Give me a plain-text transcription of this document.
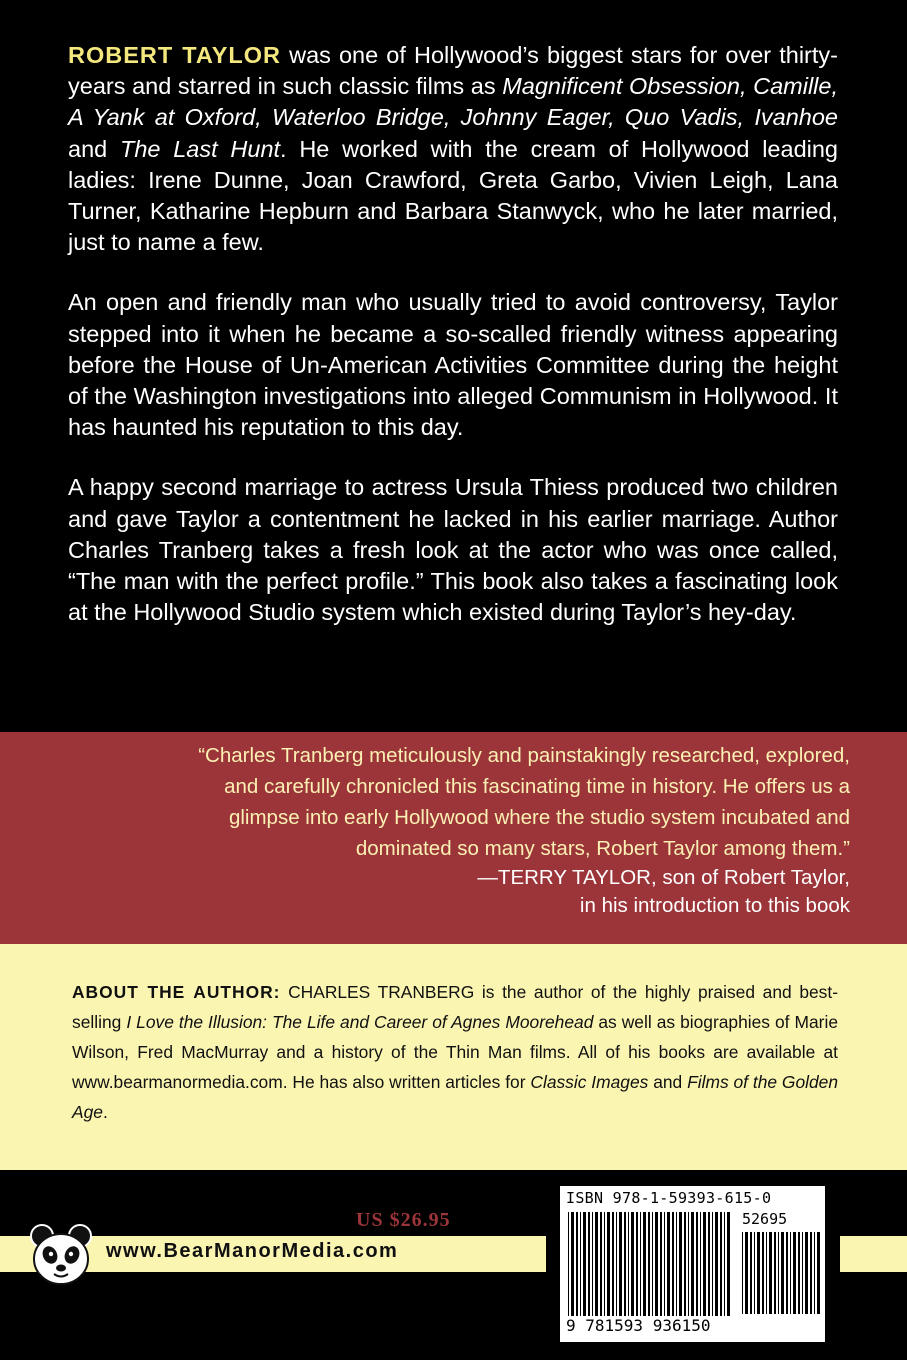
ROBERT TAYLOR was one of Hollywood’s biggest stars for over thirty-years and starred in such classic films as Magnificent Obsession, Camille, A Yank at Oxford, Waterloo Bridge, Johnny Eager, Quo Vadis, Ivanhoe and The Last Hunt. He worked with the cream of Hollywood leading ladies: Irene Dunne, Joan Crawford, Greta Garbo, Vivien Leigh, Lana Turner, Katharine Hepburn and Barbara Stanwyck, who he later married, just to name a few.

An open and friendly man who usually tried to avoid controversy, Taylor stepped into it when he became a so-scalled friendly witness appearing before the House of Un-American Activities Committee during the height of the Washington investigations into alleged Communism in Hollywood. It has haunted his reputation to this day.

A happy second marriage to actress Ursula Thiess produced two children and gave Taylor a contentment he lacked in his earlier marriage. Author Charles Tranberg takes a fresh look at the actor who was once called, “The man with the perfect profile.” This book also takes a fascinating look at the Hollywood Studio system which existed during Taylor’s hey-day.

“Charles Tranberg meticulously and painstakingly researched, explored,
and carefully chronicled this fascinating time in history. He offers us a
glimpse into early Hollywood where the studio system incubated and
dominated so many stars, Robert Taylor among them.”
—TERRY TAYLOR, son of Robert Taylor,
in his introduction to this book
ABOUT THE AUTHOR: CHARLES TRANBERG is the author of the highly praised and best-selling I Love the Illusion: The Life and Career of Agnes Moorehead as well as biographies of Marie Wilson, Fred MacMurray and a history of the Thin Man films. All of his books are available at www.bearmanormedia.com. He has also written articles for Classic Images and Films of the Golden Age.
US $26.95
www.BearManorMedia.com
ISBN 978-1-59393-615-0
52695
9 781593 936150
